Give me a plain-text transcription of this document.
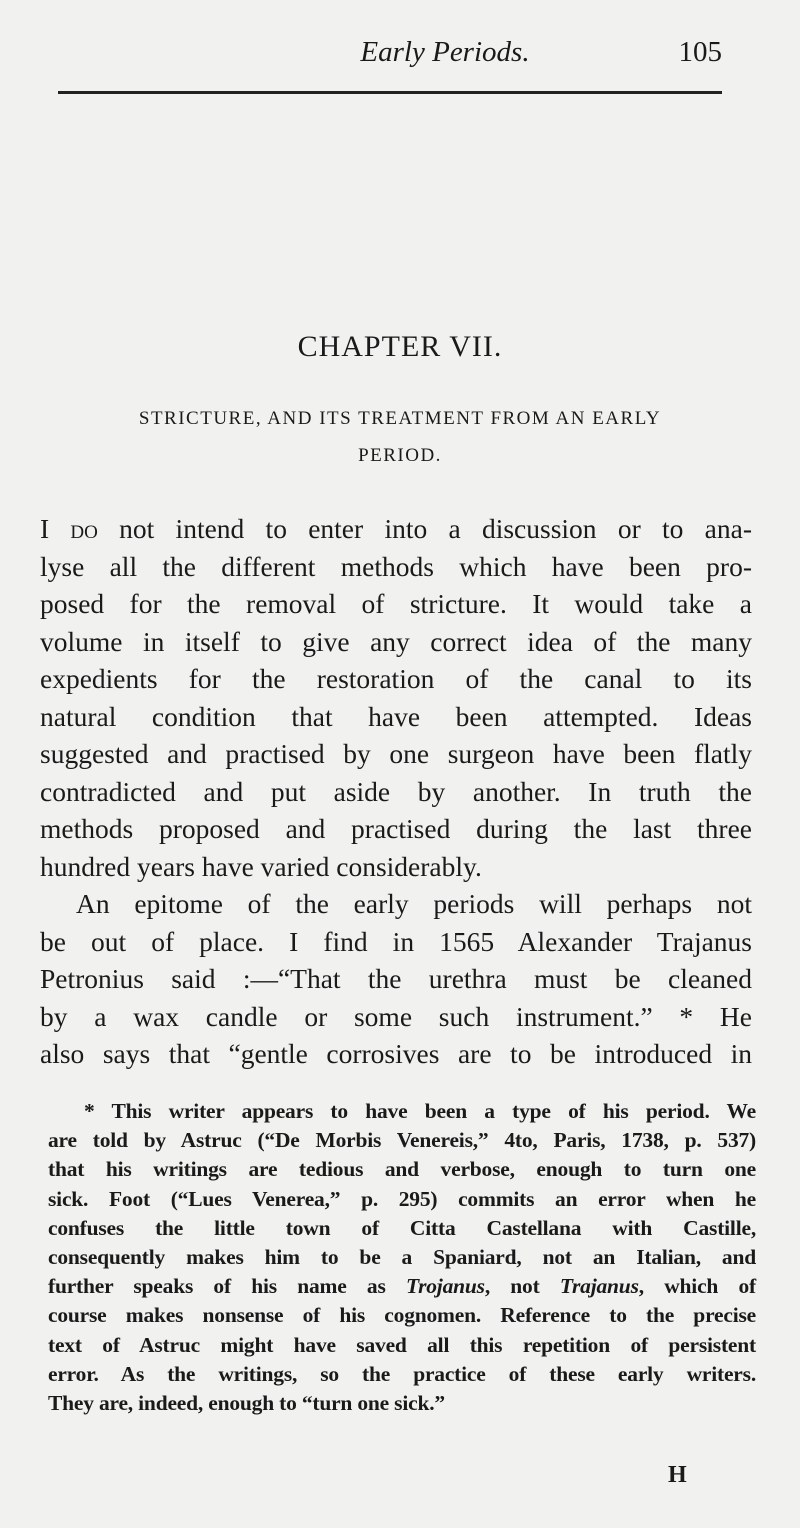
Early Periods.	105
CHAPTER VII.
STRICTURE, AND ITS TREATMENT FROM AN EARLY
PERIOD.
I do not intend to enter into a discussion or to ana-
lyse all the different methods which have been pro-
posed for the removal of stricture. It would take a
volume in itself to give any correct idea of the many
expedients for the restoration of the canal to its
natural condition that have been attempted. Ideas
suggested and practised by one surgeon have been flatly
contradicted and put aside by another. In truth the
methods proposed and practised during the last three
hundred years have varied considerably.
An epitome of the early periods will perhaps not
be out of place. I find in 1565 Alexander Trajanus
Petronius said :—“That the urethra must be cleaned
by a wax candle or some such instrument.” * He
also says that “gentle corrosives are to be introduced in
* This writer appears to have been a type of his period. We
are told by Astruc (“De Morbis Venereis,” 4to, Paris, 1738, p. 537)
that his writings are tedious and verbose, enough to turn one
sick. Foot (“Lues Venerea,” p. 295) commits an error when he
confuses the little town of Citta Castellana with Castille,
consequently makes him to be a Spaniard, not an Italian, and
further speaks of his name as Trojanus, not Trajanus, which of
course makes nonsense of his cognomen. Reference to the precise
text of Astruc might have saved all this repetition of persistent
error. As the writings, so the practice of these early writers.
They are, indeed, enough to “turn one sick.”
H
